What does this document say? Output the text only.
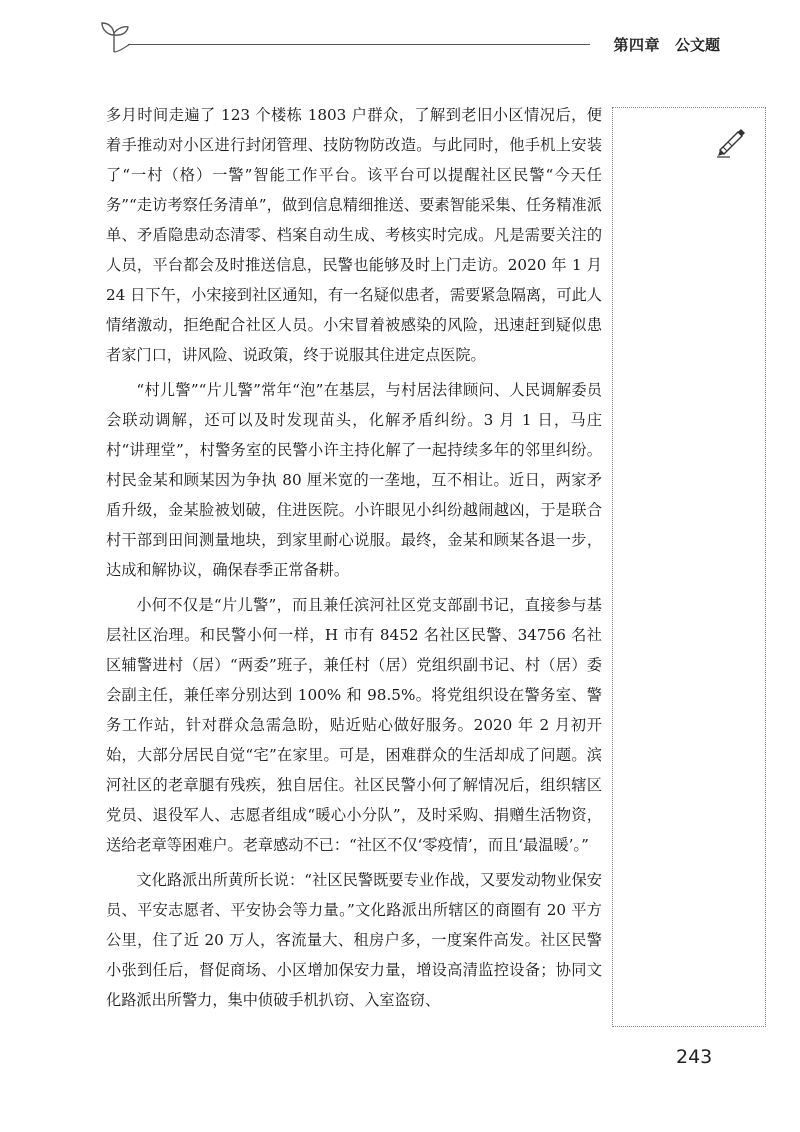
第四章 公文题

多月时间走遍了 123 个楼栋 1803 户群众，了解到老旧小区情况后，便着手推动对小区进行封闭管理、技防物防改造。与此同时，他手机上安装了“一村（格）一警”智能工作平台。该平台可以提醒社区民警“今天任务”“走访考察任务清单”，做到信息精细推送、要素智能采集、任务精准派单、矛盾隐患动态清零、档案自动生成、考核实时完成。凡是需要关注的人员，平台都会及时推送信息，民警也能够及时上门走访。2020 年 1 月 24 日下午，小宋接到社区通知，有一名疑似患者，需要紧急隔离，可此人情绪激动，拒绝配合社区人员。小宋冒着被感染的风险，迅速赶到疑似患者家门口，讲风险、说政策，终于说服其住进定点医院。

“村儿警”“片儿警”常年“泡”在基层，与村居法律顾问、人民调解委员会联动调解，还可以及时发现苗头，化解矛盾纠纷。3 月 1 日，马庄村“讲理堂”，村警务室的民警小许主持化解了一起持续多年的邻里纠纷。村民金某和顾某因为争执 80 厘米宽的一垄地，互不相让。近日，两家矛盾升级，金某脸被划破，住进医院。小许眼见小纠纷越闹越凶，于是联合村干部到田间测量地块，到家里耐心说服。最终，金某和顾某各退一步，达成和解协议，确保春季正常备耕。

小何不仅是“片儿警”，而且兼任滨河社区党支部副书记，直接参与基层社区治理。和民警小何一样，H 市有 8452 名社区民警、34756 名社区辅警进村（居）“两委”班子，兼任村（居）党组织副书记、村（居）委会副主任，兼任率分别达到 100% 和 98.5%。将党组织设在警务室、警务工作站，针对群众急需急盼，贴近贴心做好服务。2020 年 2 月初开始，大部分居民自觉“宅”在家里。可是，困难群众的生活却成了问题。滨河社区的老章腿有残疾，独自居住。社区民警小何了解情况后，组织辖区党员、退役军人、志愿者组成“暖心小分队”，及时采购、捐赠生活物资，送给老章等困难户。老章感动不已：“社区不仅‘零疫情’，而且‘最温暖’。”

文化路派出所黄所长说：“社区民警既要专业作战，又要发动物业保安员、平安志愿者、平安协会等力量。”文化路派出所辖区的商圈有 20 平方公里，住了近 20 万人，客流量大、租房户多，一度案件高发。社区民警小张到任后，督促商场、小区增加保安力量，增设高清监控设备；协同文化路派出所警力，集中侦破手机扒窃、入室盗窃、

243
